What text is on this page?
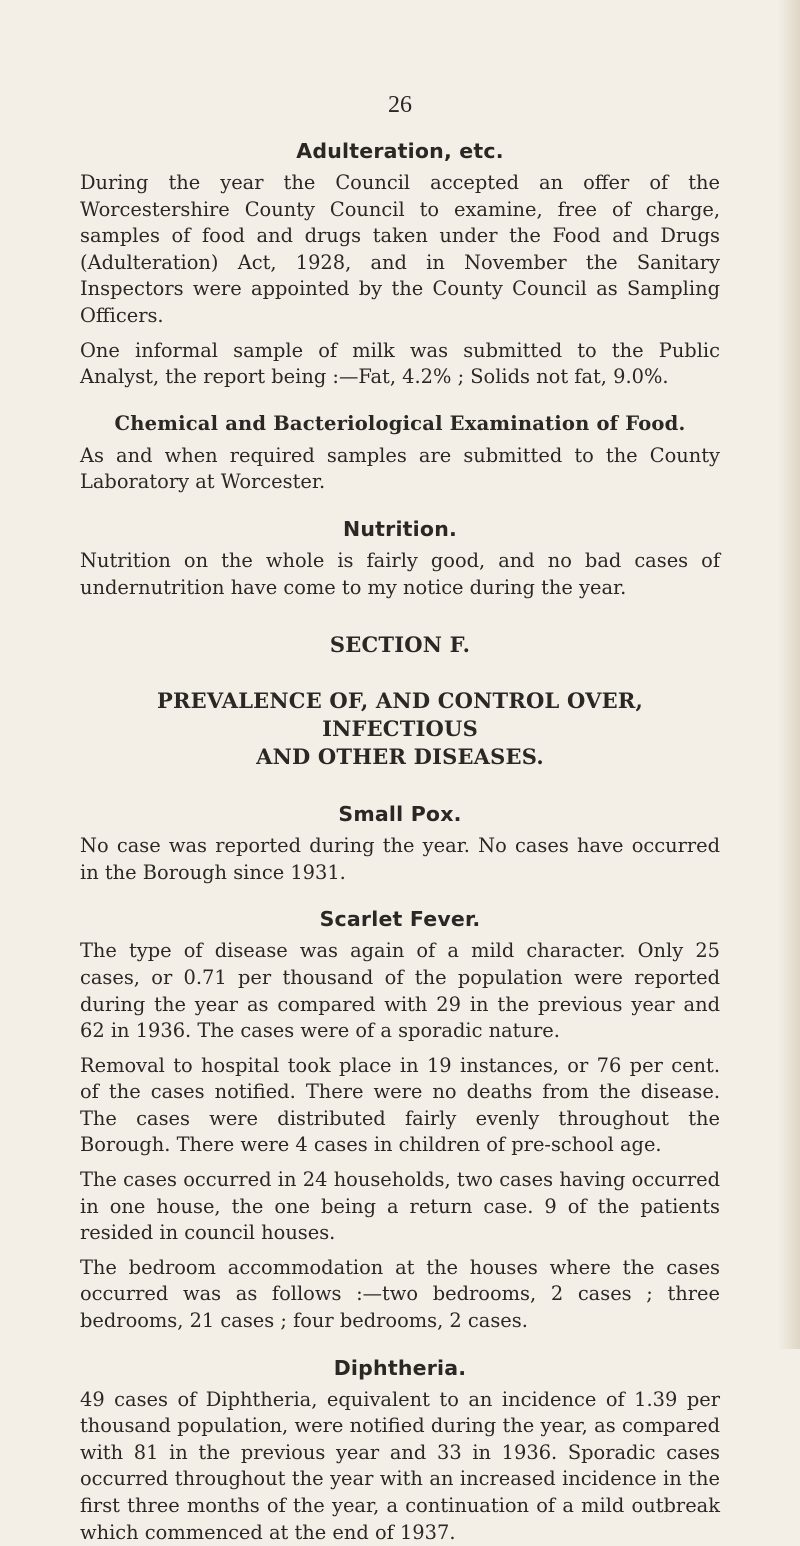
26
Adulteration, etc.

During the year the Council accepted an offer of the Worcestershire County Council to examine, free of charge, samples of food and drugs taken under the Food and Drugs (Adulteration) Act, 1928, and in November the Sanitary Inspectors were appointed by the County Council as Sampling Officers.

One informal sample of milk was submitted to the Public Analyst, the report being :—Fat, 4.2% ; Solids not fat, 9.0%.

Chemical and Bacteriological Examination of Food.

As and when required samples are submitted to the County Laboratory at Worcester.

Nutrition.

Nutrition on the whole is fairly good, and no bad cases of undernutrition have come to my notice during the year.

SECTION F.
PREVALENCE OF, AND CONTROL OVER, INFECTIOUS
AND OTHER DISEASES.
Small Pox.

No case was reported during the year. No cases have occurred in the Borough since 1931.

Scarlet Fever.

The type of disease was again of a mild character. Only 25 cases, or 0.71 per thousand of the population were reported during the year as compared with 29 in the previous year and 62 in 1936. The cases were of a sporadic nature.

Removal to hospital took place in 19 instances, or 76 per cent. of the cases notified. There were no deaths from the disease. The cases were distributed fairly evenly throughout the Borough. There were 4 cases in children of pre-school age.

The cases occurred in 24 households, two cases having occurred in one house, the one being a return case. 9 of the patients resided in council houses.

The bedroom accommodation at the houses where the cases occurred was as follows :—two bedrooms, 2 cases ; three bedrooms, 21 cases ; four bedrooms, 2 cases.

Diphtheria.

49 cases of Diphtheria, equivalent to an incidence of 1.39 per thousand population, were notified during the year, as compared with 81 in the previous year and 33 in 1936. Sporadic cases occurred throughout the year with an increased incidence in the first three months of the year, a continuation of a mild outbreak which commenced at the end of 1937.
